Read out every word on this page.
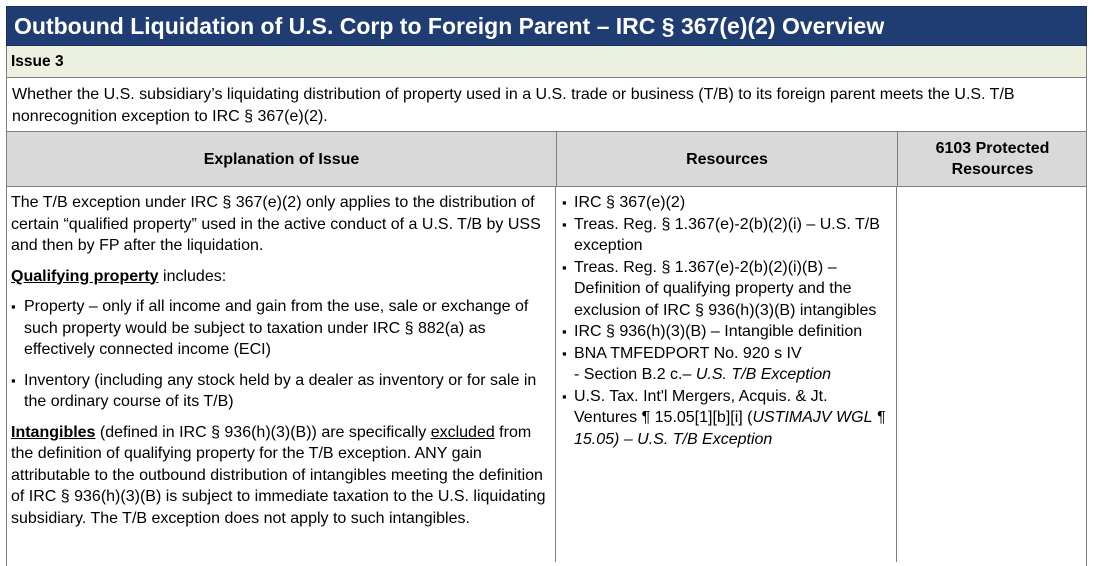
Outbound Liquidation of U.S. Corp to Foreign Parent – IRC § 367(e)(2) Overview
Issue 3

Whether the U.S. subsidiary’s liquidating distribution of property used in a U.S. trade or business (T/B) to its foreign parent meets the U.S. T/B nonrecognition exception to IRC § 367(e)(2).

Explanation of Issue	Resources
6103 Protected
Resources

The T/B exception under IRC § 367(e)(2) only applies to the distribution of certain “qualified property” used in the active conduct of a U.S. T/B by USS and then by FP after the liquidation.

Qualifying property includes:

▪ Property – only if all income and gain from the use, sale or exchange of such property would be subject to taxation under IRC § 882(a) as effectively connected income (ECI)

▪ Inventory (including any stock held by a dealer as inventory or for sale in the ordinary course of its T/B)

Intangibles (defined in IRC § 936(h)(3)(B)) are specifically excluded from the definition of qualifying property for the T/B exception. ANY gain attributable to the outbound distribution of intangibles meeting the definition of IRC § 936(h)(3)(B) is subject to immediate taxation to the U.S. liquidating subsidiary. The T/B exception does not apply to such intangibles.

▪ IRC § 367(e)(2)
▪ Treas. Reg. § 1.367(e)-2(b)(2)(i) – U.S. T/B exception
▪ Treas. Reg. § 1.367(e)-2(b)(2)(i)(B) – Definition of qualifying property and the exclusion of IRC § 936(h)(3)(B) intangibles
▪ IRC § 936(h)(3)(B) – Intangible definition
▪ BNA TMFEDPORT No. 920 s IV
- Section B.2 c.– U.S. T/B Exception
▪ U.S. Tax. Int'l Mergers, Acquis. & Jt. Ventures ¶ 15.05[1][b][i] (USTIMAJV WGL ¶ 15.05) – U.S. T/B Exception
